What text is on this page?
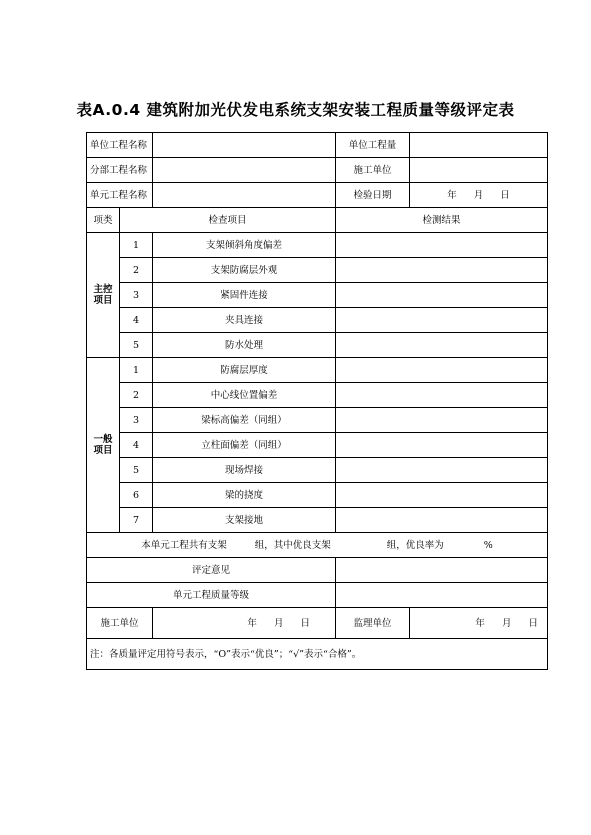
表A.0.4 建筑附加光伏发电系统支架安装工程质量等级评定表
单位工程名称			单位工程量	
分部工程名称			施工单位	
单元工程名称			检验日期	年 月 日
项类	检查项目		检测结果	
主控项目	1	支架倾斜角度偏差		
	2	支架防腐层外观		
	3	紧固件连接		
	4	夹具连接		
	5	防水处理		
一般项目	1	防腐层厚度		
	2	中心线位置偏差		
	3	梁标高偏差（同组）		
	4	立柱面偏差（同组）		
	5	现场焊接		
	6	梁的挠度		
	7	支架接地		
本单元工程共有支架 组，其中优良支架 组，优良率为 %				
评定意见				
单元工程质量等级				
施工单位		年 月 日	监理单位	年 月 日
注：各质量评定用符号表示，“O”表示“优良”；“√”表示“合格”。				
